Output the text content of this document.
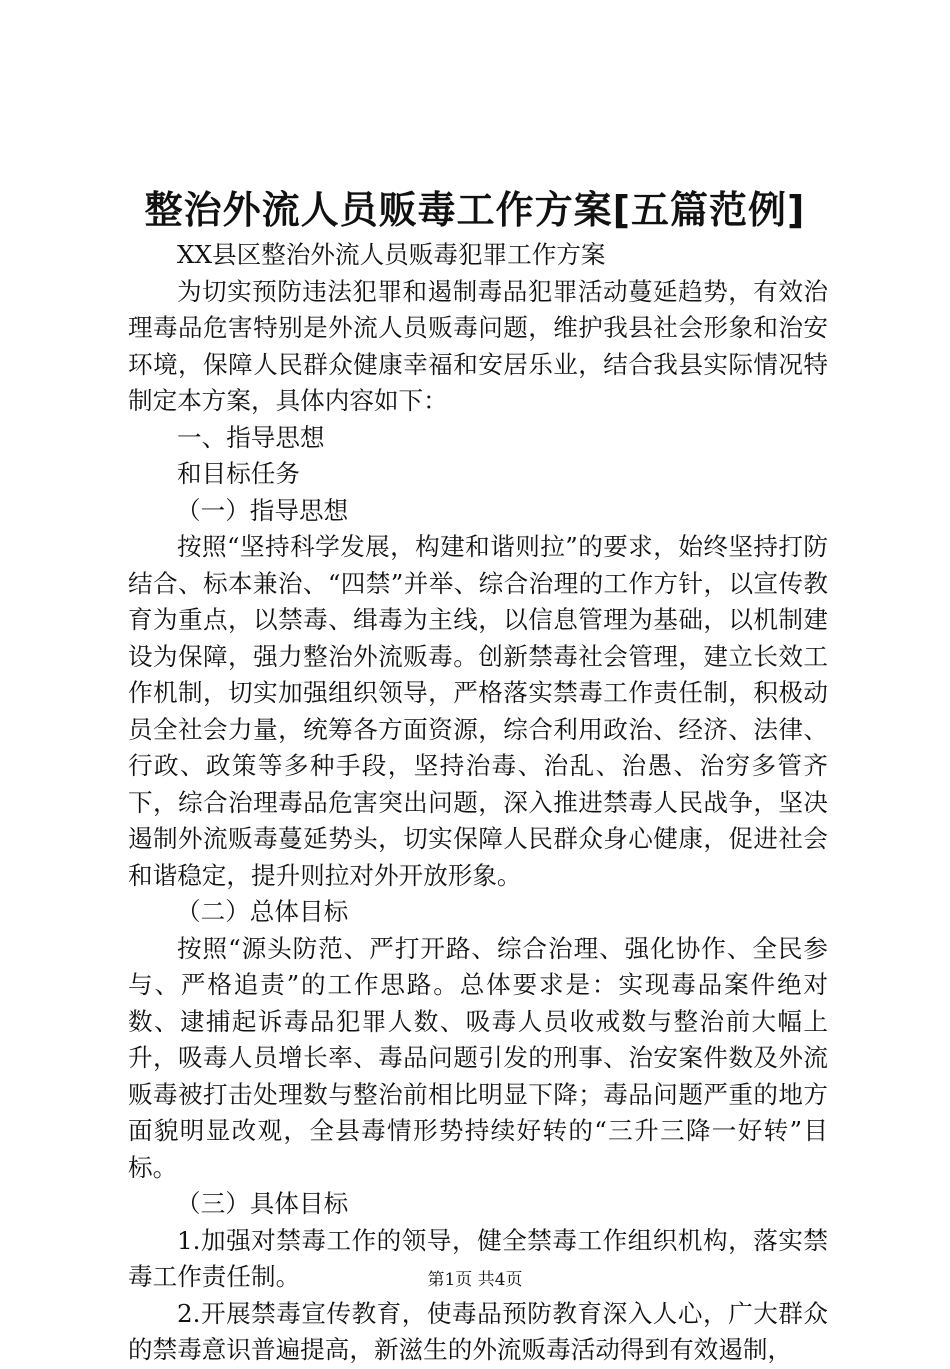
整治外流人员贩毒工作方案[五篇范例]

XX县区整治外流人员贩毒犯罪工作方案

为切实预防违法犯罪和遏制毒品犯罪活动蔓延趋势，有效治理毒品危害特别是外流人员贩毒问题，维护我县社会形象和治安环境，保障人民群众健康幸福和安居乐业，结合我县实际情况特制定本方案，具体内容如下：

一、指导思想

和目标任务

（一）指导思想

按照“坚持科学发展，构建和谐则拉”的要求，始终坚持打防结合、标本兼治、“四禁”并举、综合治理的工作方针，以宣传教育为重点，以禁毒、缉毒为主线，以信息管理为基础，以机制建设为保障，强力整治外流贩毒。创新禁毒社会管理，建立长效工作机制，切实加强组织领导，严格落实禁毒工作责任制，积极动员全社会力量，统筹各方面资源，综合利用政治、经济、法律、行政、政策等多种手段，坚持治毒、治乱、治愚、治穷多管齐下，综合治理毒品危害突出问题，深入推进禁毒人民战争，坚决遏制外流贩毒蔓延势头，切实保障人民群众身心健康，促进社会和谐稳定，提升则拉对外开放形象。

（二）总体目标

按照“源头防范、严打开路、综合治理、强化协作、全民参与、严格追责”的工作思路。总体要求是：实现毒品案件绝对数、逮捕起诉毒品犯罪人数、吸毒人员收戒数与整治前大幅上升，吸毒人员增长率、毒品问题引发的刑事、治安案件数及外流贩毒被打击处理数与整治前相比明显下降；毒品问题严重的地方面貌明显改观，全县毒情形势持续好转的“三升三降一好转”目标。

（三）具体目标

1.加强对禁毒工作的领导，健全禁毒工作组织机构，落实禁毒工作责任制。

2.开展禁毒宣传教育，使毒品预防教育深入人心，广大群众的禁毒意识普遍提高，新滋生的外流贩毒活动得到有效遏制，

第1页 共4页
